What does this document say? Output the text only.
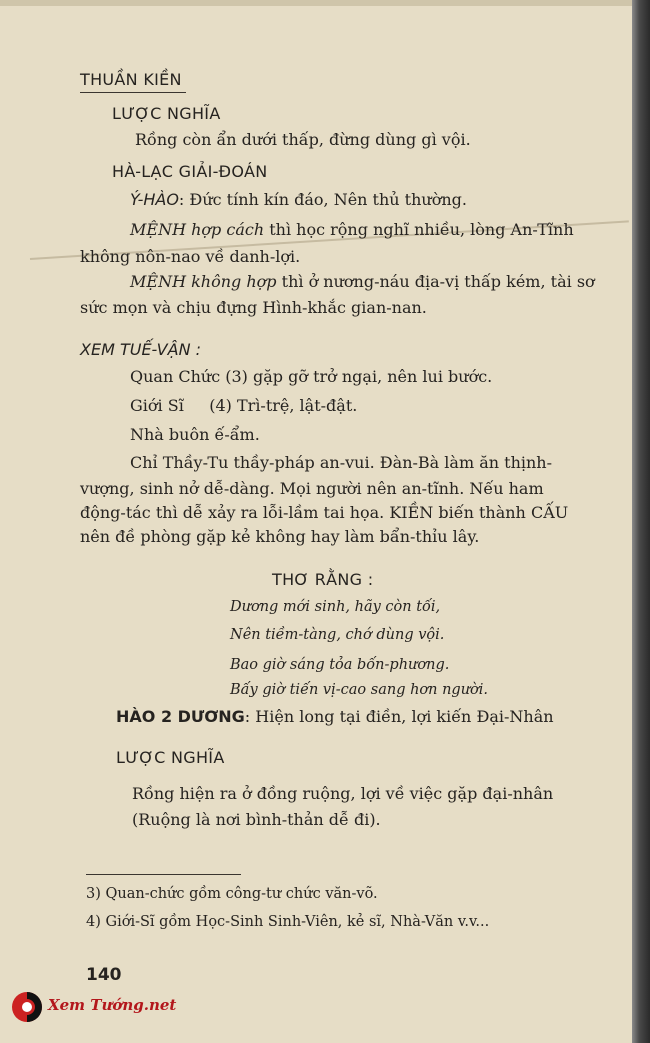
THUẦN KIỀN
LƯỢC NGHĨA
Rồng còn ẩn dưới thấp, đừng dùng gì vội.
HÀ-LẠC GIẢI-ĐOÁN
Ý-HÀO: Đức tính kín đáo, Nên thủ thường.
MỆNH hợp cách thì học rộng nghĩ nhiều, lòng An-Tĩnh
không nôn-nao về danh-lợi.
MỆNH không hợp thì ở nương-náu địa-vị thấp kém, tài sơ
sức mọn và chịu đựng Hình-khắc gian-nan.
XEM TUẾ-VẬN :
Quan Chức (3) gặp gỡ trở ngại, nên lui bước.
Giới Sĩ     (4) Trì-trệ, lật-đật.
Nhà buôn ế-ẩm.
Chỉ Thầy-Tu thầy-pháp an-vui. Đàn-Bà làm ăn thịnh-
vượng, sinh nở dễ-dàng. Mọi người nên an-tĩnh. Nếu ham
động-tác thì dễ xảy ra lỗi-lầm tai họa. KIỀN biến thành CẤU
nên đề phòng gặp kẻ không hay làm bẩn-thỉu lây.
THƠ RẰNG :
Dương mới sinh, hãy còn tối,
Nên tiềm-tàng, chớ dùng vội.
Bao giờ sáng tỏa bốn-phương.
Bấy giờ tiến vị-cao sang hơn người.
HÀO 2 DƯƠNG: Hiện long tại điền, lợi kiến Đại-Nhân
LƯỢC NGHĨA
Rồng hiện ra ở đồng ruộng, lợi về việc gặp đại-nhân
(Ruộng là nơi bình-thản dễ đi).
3) Quan-chức gồm công-tư chức văn-võ.
4) Giới-Sĩ gồm Học-Sinh Sinh-Viên, kẻ sĩ, Nhà-Văn v.v...
140
Xem Tướng.net
